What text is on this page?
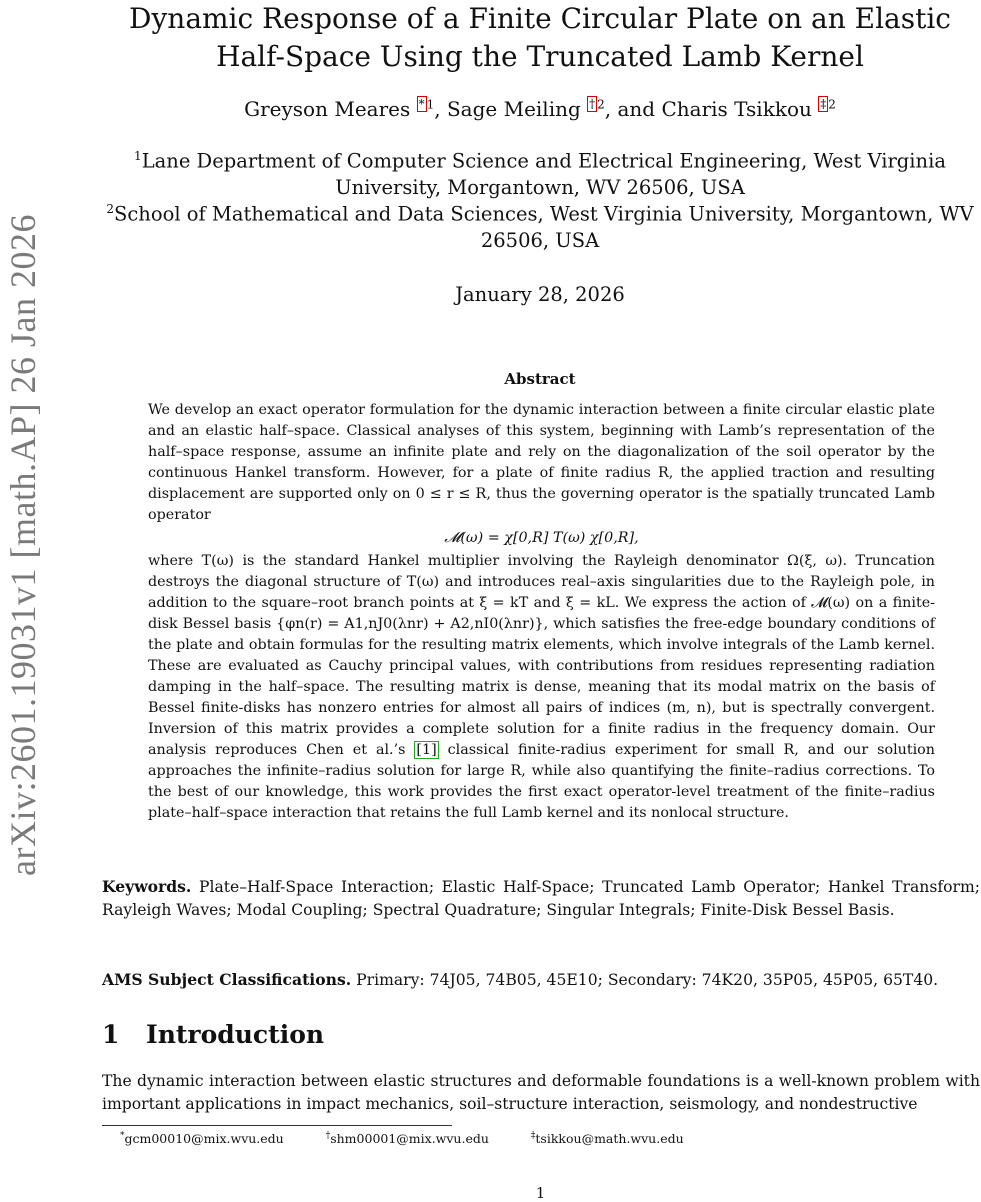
arXiv:2601.19031v1 [math.AP] 26 Jan 2026
Dynamic Response of a Finite Circular Plate on an Elastic
Half-Space Using the Truncated Lamb Kernel
Greyson Meares $^{* 1}$, Sage Meiling $^{\dagger 2}$, and Charis Tsikkou $^{\ddagger 2}$
$^1$Lane Department of Computer Science and Electrical Engineering, West Virginia
University, Morgantown, WV 26506, USA
$^2$School of Mathematical and Data Sciences, West Virginia University, Morgantown, WV
26506, USA
January 28, 2026
Abstract
We develop an exact operator formulation for the dynamic interaction between a finite circular elastic plate and an elastic half–space. Classical analyses of this system, beginning with Lamb’s representation of the half–space response, assume an infinite plate and rely on the diagonalization of the soil operator by the continuous Hankel transform. However, for a plate of finite radius R, the applied traction and resulting displacement are supported only on 0 ≤ r ≤ R, thus the governing operator is the spatially truncated Lamb operator
𝓜(ω) = χ[0,R] T(ω) χ[0,R],
where T(ω) is the standard Hankel multiplier involving the Rayleigh denominator Ω(ξ, ω). Truncation destroys the diagonal structure of T(ω) and introduces real–axis singularities due to the Rayleigh pole, in addition to the square–root branch points at ξ = kT and ξ = kL. We express the action of 𝓜(ω) on a finite-disk Bessel basis {φn(r) = A1,nJ0(λnr) + A2,nI0(λnr)}, which satisfies the free-edge boundary conditions of the plate and obtain formulas for the resulting matrix elements, which involve integrals of the Lamb kernel. These are evaluated as Cauchy principal values, with contributions from residues representing radiation damping in the half–space. The resulting matrix is dense, meaning that its modal matrix on the basis of Bessel finite-disks has nonzero entries for almost all pairs of indices (m, n), but is spectrally convergent. Inversion of this matrix provides a complete solution for a finite radius in the frequency domain. Our analysis reproduces Chen et al.’s [1] classical finite-radius experiment for small R, and our solution approaches the infinite–radius solution for large R, while also quantifying the finite–radius corrections. To the best of our knowledge, this work provides the first exact operator-level treatment of the finite–radius plate–half–space interaction that retains the full Lamb kernel and its nonlocal structure.
Keywords. Plate–Half-Space Interaction; Elastic Half-Space; Truncated Lamb Operator; Hankel Transform; Rayleigh Waves; Modal Coupling; Spectral Quadrature; Singular Integrals; Finite-Disk Bessel Basis.
AMS Subject Classifications. Primary: 74J05, 74B05, 45E10; Secondary: 74K20, 35P05, 45P05, 65T40.
1 Introduction
The dynamic interaction between elastic structures and deformable foundations is a well-known problem with important applications in impact mechanics, soil–structure interaction, seismology, and nondestructive
*gcm00010@mix.wvu.edu	†shm00001@mix.wvu.edu	‡tsikkou@math.wvu.edu
1
